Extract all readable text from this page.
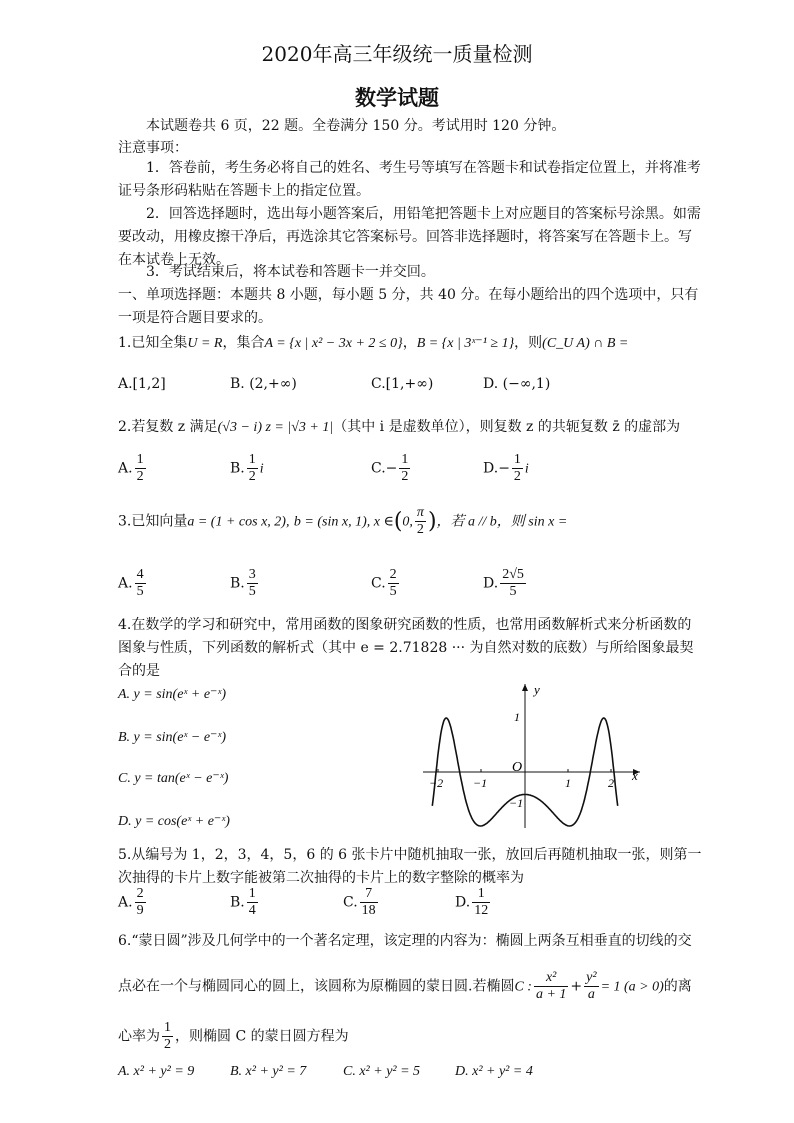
2020年高三年级统一质量检测
数学试题
本试题卷共 6 页，22 题。全卷满分 150 分。考试用时 120 分钟。
注意事项：
1．答卷前，考生务必将自己的姓名、考生号等填写在答题卡和试卷指定位置上，并将准考证号条形码粘贴在答题卡上的指定位置。
2．回答选择题时，选出每小题答案后，用铅笔把答题卡上对应题目的答案标号涂黑。如需要改动，用橡皮擦干净后，再选涂其它答案标号。回答非选择题时，将答案写在答题卡上。写在本试卷上无效。
3．考试结束后，将本试卷和答题卡一并交回。
一、单项选择题：本题共 8 小题，每小题 5 分，共 40 分。在每小题给出的四个选项中，只有一项是符合题目要求的。
1.已知全集U = R，集合A = {x | x² − 3x + 2 ≤ 0}，B = {x | 3ˣ⁻¹ ≥ 1}，则(C_U A) ∩ B =
A.[1,2]	B. (2,+∞)	C.[1,+∞)	D. (−∞,1)
2.若复数 z 满足(√3 − i) z = |√3 + 1|（其中 i 是虚数单位），则复数 z 的共轭复数 z̄ 的虚部为
A. $\frac{1}{2}$	B. $\frac{1}{2}$ i	$C.- \frac{1}{2}$	$D.- \frac{1}{2}$ i
3.已知向量a = (1 + cos x, 2), b = (sin x, 1), x ∈(0, $\frac{\pi}{2}$ )，若 a // b，则 sin x =
A. $\frac{4}{5}$	B. $\frac{3}{5}$	C. $\frac{2}{5}$	D. $\frac{2√5}{5}$
4.在数学的学习和研究中，常用函数的图象研究函数的性质，也常用函数解析式来分析函数的图象与性质，下列函数的解析式（其中 e = 2.71828 ··· 为自然对数的底数）与所给图象最契合的是
A. y = sin(eˣ + e⁻ˣ)
B. y = sin(eˣ − e⁻ˣ)
C. y = tan(eˣ − e⁻ˣ)
D. y = cos(eˣ + e⁻ˣ)
−2 −1	1	2
1
−1
O
x
y
5.从编号为 1，2，3，4，5，6 的 6 张卡片中随机抽取一张，放回后再随机抽取一张，则第一次抽得的卡片上数字能被第二次抽得的卡片上的数字整除的概率为
A. $\frac{2}{9}$	B. $\frac{1}{4}$	C. $\frac{7}{18}$	D. $\frac{1}{12}$
6.“蒙日圆”涉及几何学中的一个著名定理，该定理的内容为：椭圆上两条互相垂直的切线的交
点必在一个与椭圆同心的圆上，该圆称为原椭圆的蒙日圆.若椭圆C : $\frac{\text{x²}}{a + 1} + \frac{\text{y²}}{a} = 1$ (a > 0)的离
心率为 $\frac{1}{2}$ ，则椭圆 C 的蒙日圆方程为
A. x² + y² = 9	B. x² + y² = 7	C. x² + y² = 5 D. x² + y² = 4
